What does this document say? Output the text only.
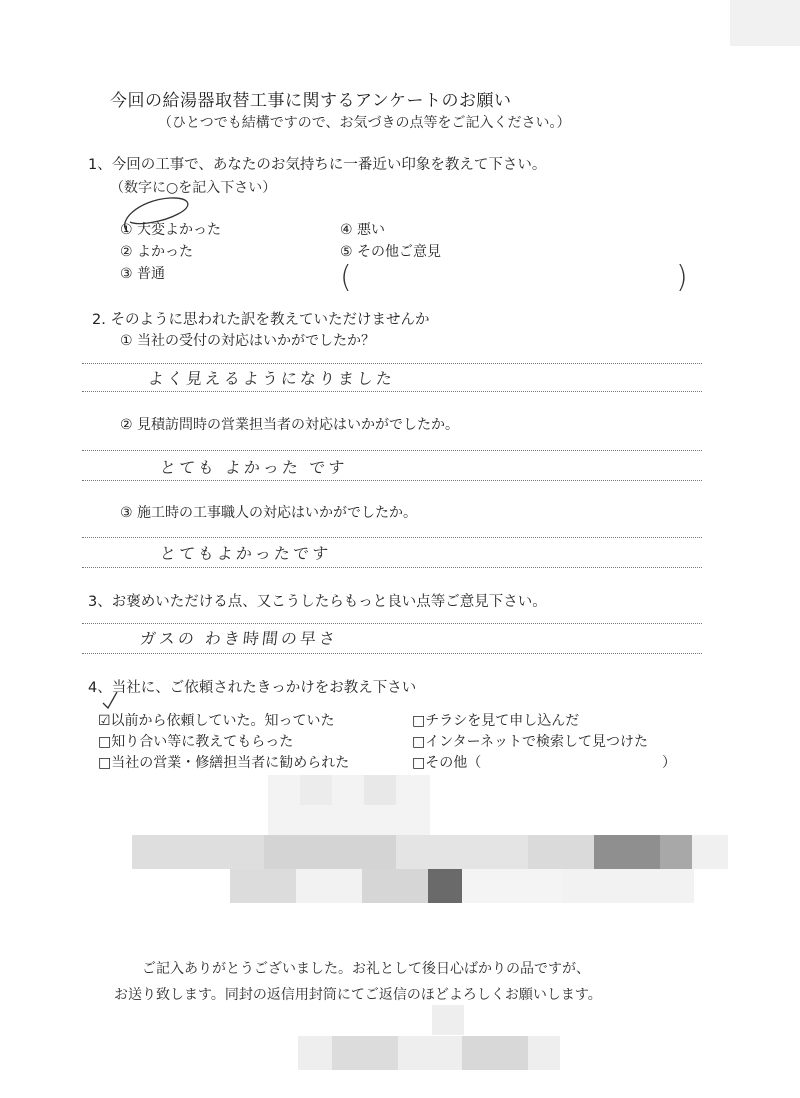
今回の給湯器取替工事に関するアンケートのお願い
（ひとつでも結構ですので、お気づきの点等をご記入ください。）
1、今回の工事で、あなたのお気持ちに一番近い印象を教えて下さい。
（数字に○を記入下さい）
① 大変よかった
② よかった
③ 普通
④ 悪い
⑤ その他ご意見
(	)
2. そのように思われた訳を教えていただけませんか
① 当社の受付の対応はいかがでしたか？
よく見えるようになりました
② 見積訪問時の営業担当者の対応はいかがでしたか。
とても よかった です
③ 施工時の工事職人の対応はいかがでしたか。
とてもよかったです
3、お褒めいただける点、又こうしたらもっと良い点等ご意見下さい。
ガスの わき時間の早さ
4、当社に、ご依頼されたきっかけをお教え下さい
☑以前から依頼していた。知っていた
□知り合い等に教えてもらった
□当社の営業・修繕担当者に勧められた
□チラシを見て申し込んだ
□インターネットで検索して見つけた
□その他（	）
ご記入ありがとうございました。お礼として後日心ばかりの品ですが、
お送り致します。同封の返信用封筒にてご返信のほどよろしくお願いします。
